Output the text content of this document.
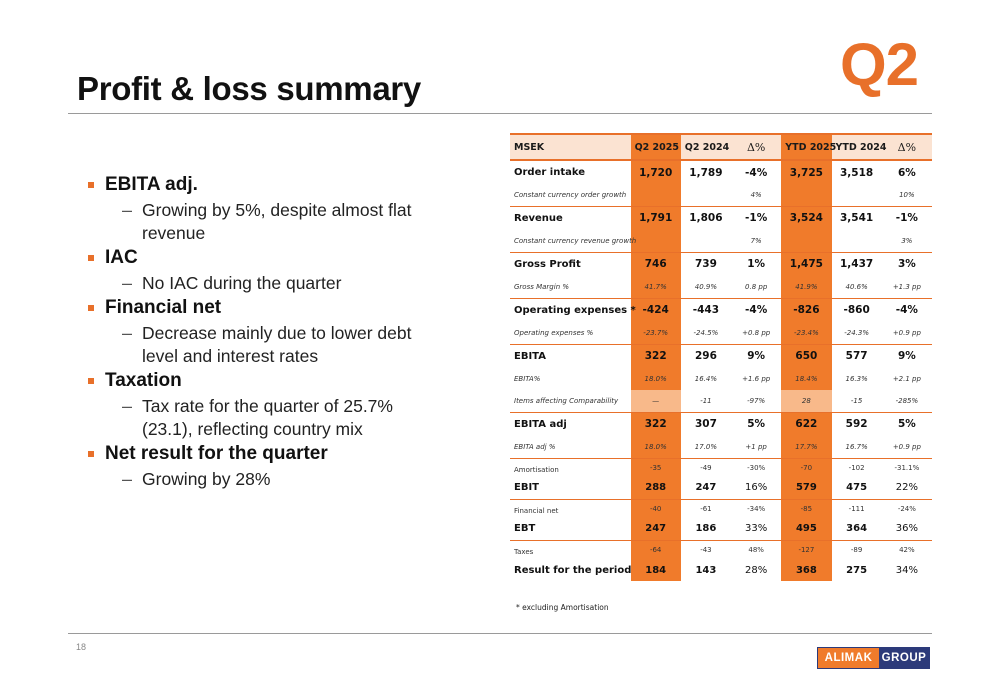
Profit & loss summary	Q2
EBITA adj.
– Growing by 5%, despite almost flat revenue
IAC
– No IAC during the quarter
Financial net
– Decrease mainly due to lower debt level and interest rates
Taxation
– Tax rate for the quarter of 25.7% (23.1), reflecting country mix
Net result for the quarter
– Growing by 28%
MSEK	Q2 2025	Q2 2024	Δ%	YTD 2025	YTD 2024	Δ%
Order intake	1,720	1,789	-4%	3,725	3,518	6%
Constant currency order growth			4%			10%
Revenue	1,791	1,806	-1%	3,524	3,541	-1%
Constant currency revenue growth			7%			3%
Gross Profit	746	739	1%	1,475	1,437	3%
Gross Margin %	41.7%	40.9%	0.8 pp	41.9%	40.6%	+1.3 pp
Operating expenses *	-424	-443	-4%	-826	-860	-4%
Operating expenses %	-23.7%	-24.5%	+0.8 pp	-23.4%	-24.3%	+0.9 pp
EBITA	322	296	9%	650	577	9%
EBITA%	18.0%	16.4%	+1.6 pp	18.4%	16.3%	+2.1 pp
Items affecting Comparability	—	-11	-97%	28	-15	-285%
EBITA adj	322	307	5%	622	592	5%
EBITA adj %	18.0%	17.0%	+1 pp	17.7%	16.7%	+0.9 pp
Amortisation	-35	-49	-30%	-70	-102	-31.1%
EBIT	288	247	16%	579	475	22%
Financial net	-40	-61	-34%	-85	-111	-24%
EBT	247	186	33%	495	364	36%
Taxes	-64	-43	48%	-127	-89	42%
Result for the period	184	143	28%	368	275	34%
* excluding Amortisation
18
ALIMAK GROUP
